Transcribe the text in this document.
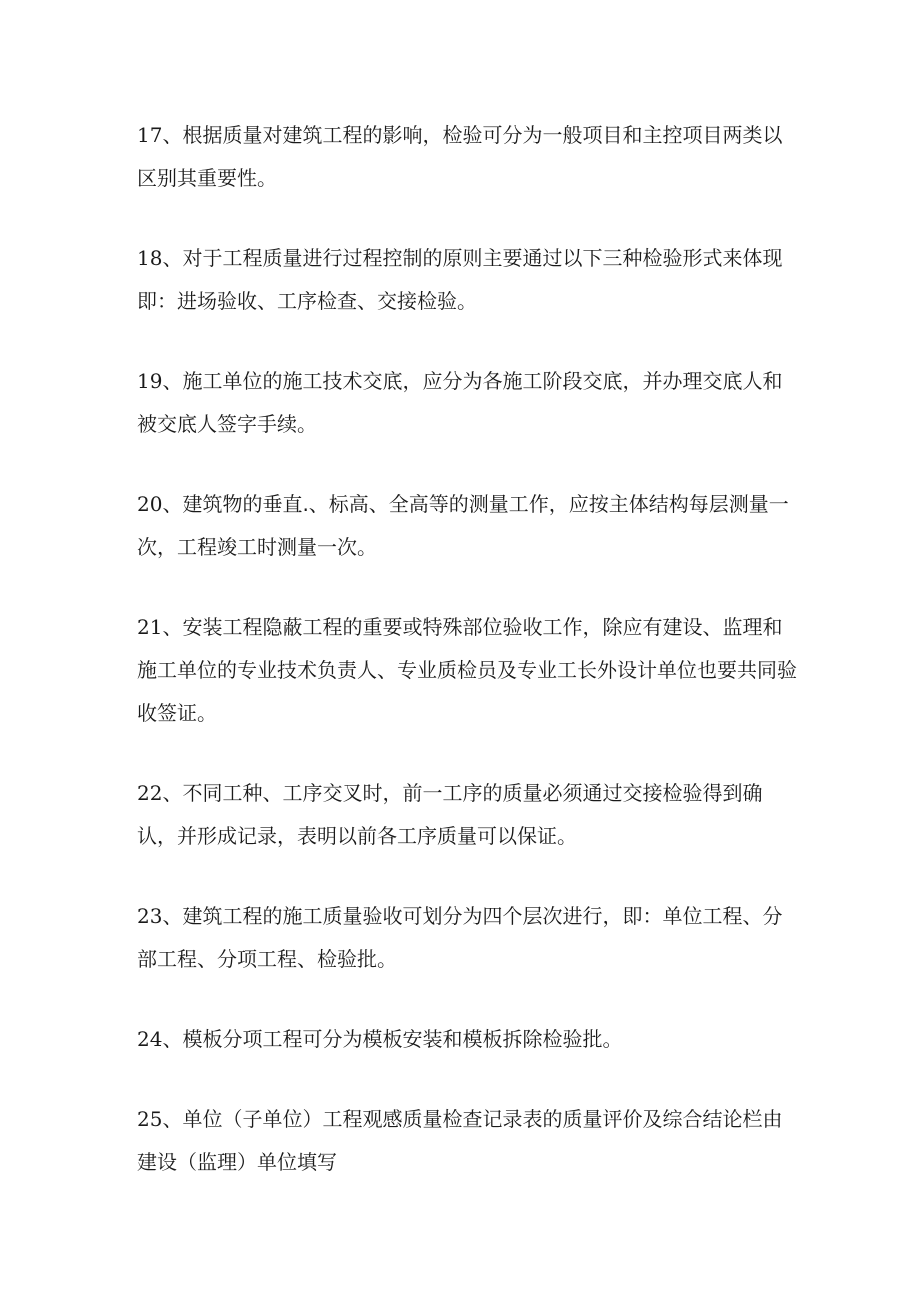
17、根据质量对建筑工程的影响，检验可分为一般项目和主控项目两类以区别其重要性。

18、对于工程质量进行过程控制的原则主要通过以下三种检验形式来体现即：进场验收、工序检查、交接检验。

19、施工单位的施工技术交底，应分为各施工阶段交底，并办理交底人和被交底人签字手续。

20、建筑物的垂直.、标高、全高等的测量工作，应按主体结构每层测量一次，工程竣工时测量一次。

21、安装工程隐蔽工程的重要或特殊部位验收工作，除应有建设、监理和施工单位的专业技术负责人、专业质检员及专业工长外设计单位也要共同验收签证。

22、不同工种、工序交叉时，前一工序的质量必须通过交接检验得到确认，并形成记录，表明以前各工序质量可以保证。

23、建筑工程的施工质量验收可划分为四个层次进行，即：单位工程、分部工程、分项工程、检验批。

24、模板分项工程可分为模板安装和模板拆除检验批。

25、单位（子单位）工程观感质量检查记录表的质量评价及综合结论栏由建设（监理）单位填写
